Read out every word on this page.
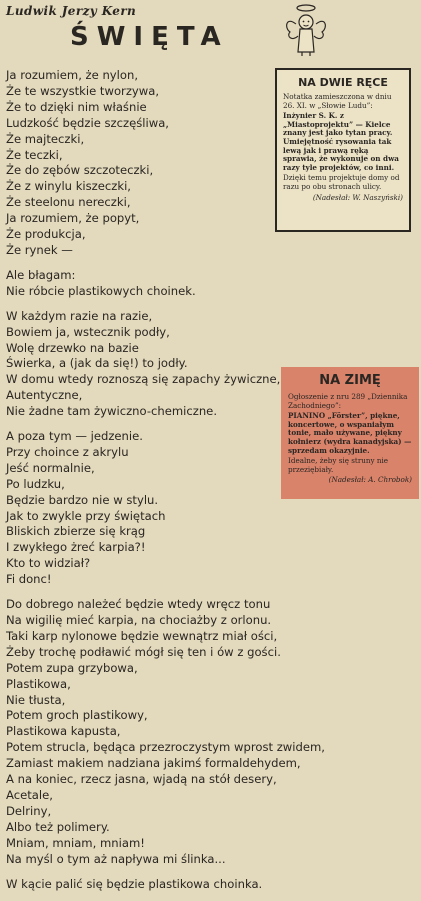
Ludwik Jerzy Kern
ŚWIĘTA
Ja rozumiem, że nylon,
Że te wszystkie tworzywa,
Że to dzięki nim właśnie
Ludzkość będzie szczęśliwa,
Że majteczki,
Że teczki,
Że do zębów szczoteczki,
Że z winylu kiszeczki,
Że steelonu nereczki,
Ja rozumiem, że popyt,
Że produkcja,
Że rynek —
Ale błagam:
Nie róbcie plastikowych choinek.
W każdym razie na razie,
Bowiem ja, wstecznik podły,
Wolę drzewko na bazie
Świerka, a (jak da się!) to jodły.
W domu wtedy roznoszą się zapachy żywiczne,
Autentyczne,
Nie żadne tam żywiczno-chemiczne.
A poza tym — jedzenie.
Przy choince z akrylu
Jeść normalnie,
Po ludzku,
Będzie bardzo nie w stylu.
Jak to zwykle przy świętach
Bliskich zbierze się krąg
I zwykłego żreć karpia?!
Kto to widział?
Fi donc!
Do dobrego należeć będzie wtedy wręcz tonu
Na wigilię mieć karpia, na chociażby z orlonu.
Taki karp nylonowe będzie wewnątrz miał ości,
Żeby trochę podławić mógł się ten i ów z gości.
Potem zupa grzybowa,
Plastikowa,
Nie tłusta,
Potem groch plastikowy,
Plastikowa kapusta,
Potem strucla, będąca przezroczystym wprost zwidem,
Zamiast makiem nadziana jakimś formaldehydem,
A na koniec, rzecz jasna, wjadą na stół desery,
Acetale,
Delriny,
Albo też polimery.
Mniam, mniam, mniam!
Na myśl o tym aż napływa mi ślinka...
W kącie palić się będzie plastikowa choinka.
NA DWIE RĘCE

Notatka zamieszczona w dniu 26. XI. w „Słowie Ludu”:

Inżynier S. K. z „Miastoprojektu” — Kielce znany jest jako tytan pracy. Umiejętność rysowania tak lewą jak i prawą ręką sprawia, że wykonuje on dwa razy tyle projektów, co inni.

Dzięki temu projektuje domy od razu po obu stronach ulicy.

(Nadesłał: W. Naszyński)

NA ZIMĘ

Ogłoszenie z nru 289 „Dziennika Zachodniego”:

PIANINO „Förster”, piękne, koncertowe, o wspaniałym tonie, mało używane, piękny kołnierz (wydra kanadyjska) — sprzedam okazyjnie.

Idealne, żeby się struny nie przeziębiały.

(Nadesłał: A. Chrobok)
